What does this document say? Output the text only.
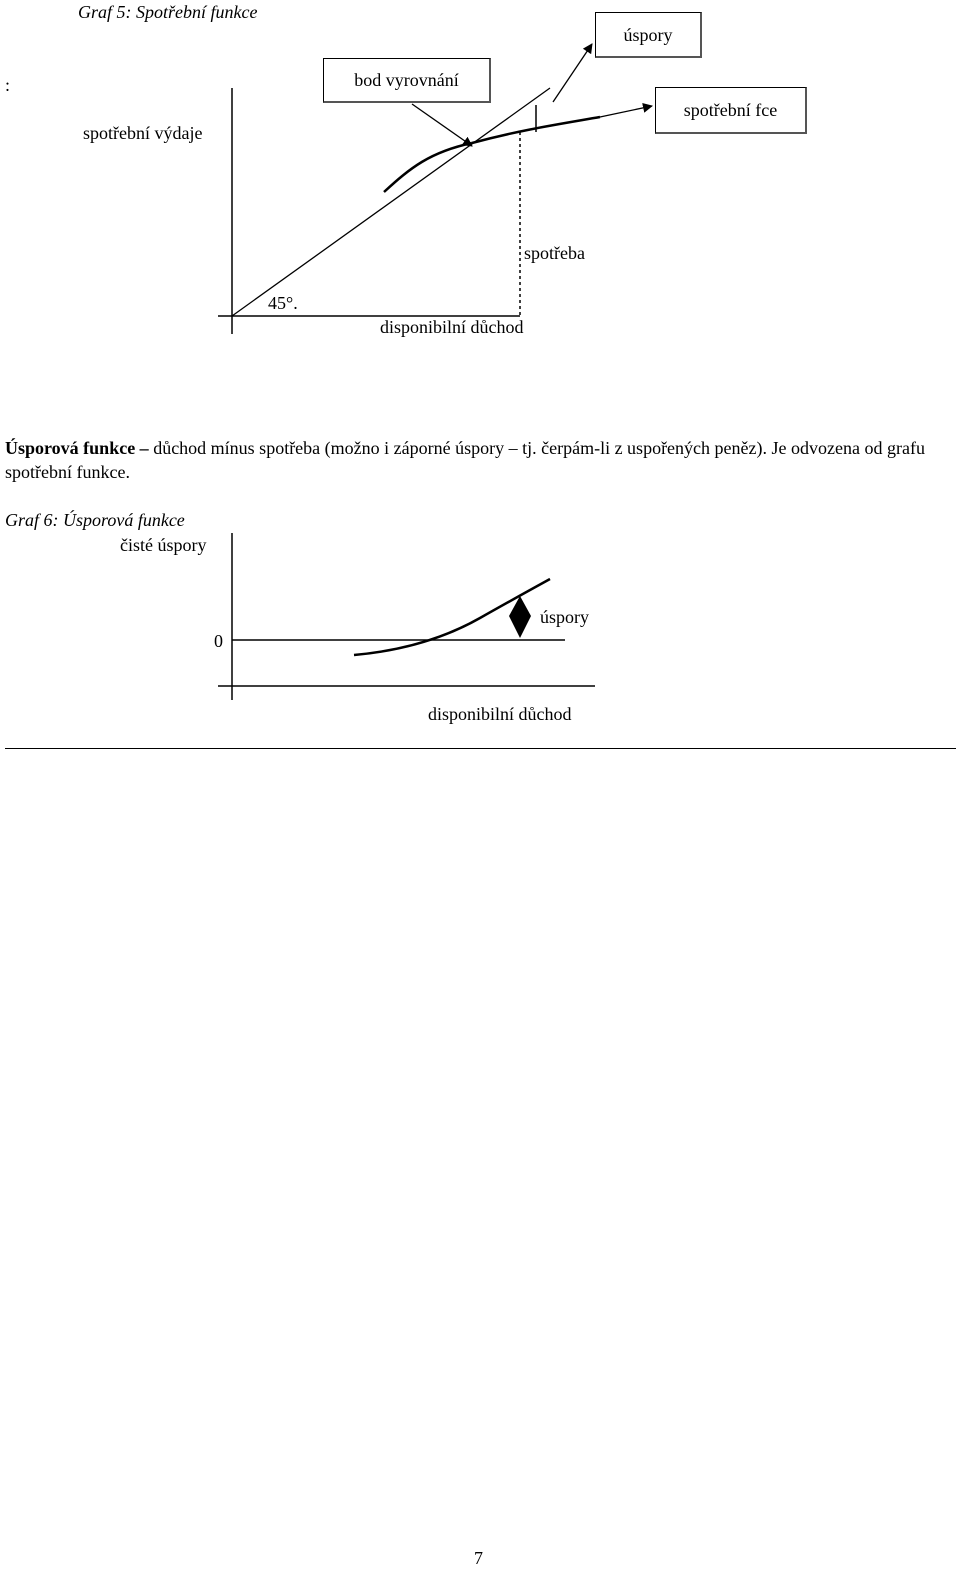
Graf 5: Spotřební funkce
:
spotřební výdaje
bod vyrovnání
úspory
spotřební fce
spotřeba
45°.
disponibilní důchod
Úsporová funkce – důchod mínus spotřeba (možno i záporné úspory – tj. čerpám-li z uspořených peněz). Je odvozena od grafu spotřební funkce.
Graf 6: Úsporová funkce
čisté úspory
0
úspory
disponibilní důchod
7
